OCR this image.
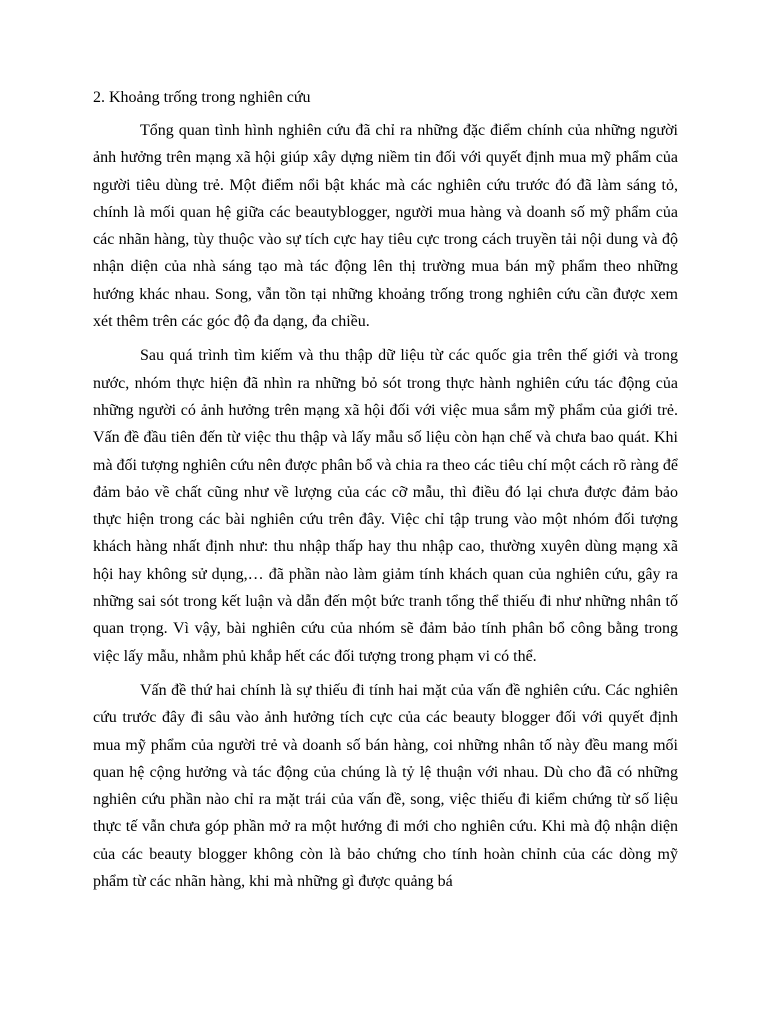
2. Khoảng trống trong nghiên cứu

Tổng quan tình hình nghiên cứu đã chỉ ra những đặc điểm chính của những người ảnh hưởng trên mạng xã hội giúp xây dựng niềm tin đối với quyết định mua mỹ phẩm của người tiêu dùng trẻ. Một điểm nổi bật khác mà các nghiên cứu trước đó đã làm sáng tỏ, chính là mối quan hệ giữa các beautyblogger, người mua hàng và doanh số mỹ phẩm của các nhãn hàng, tùy thuộc vào sự tích cực hay tiêu cực trong cách truyền tải nội dung và độ nhận diện của nhà sáng tạo mà tác động lên thị trường mua bán mỹ phẩm theo những hướng khác nhau. Song, vẫn tồn tại những khoảng trống trong nghiên cứu cần được xem xét thêm trên các góc độ đa dạng, đa chiều.

Sau quá trình tìm kiếm và thu thập dữ liệu từ các quốc gia trên thế giới và trong nước, nhóm thực hiện đã nhìn ra những bỏ sót trong thực hành nghiên cứu tác động của những người có ảnh hưởng trên mạng xã hội đối với việc mua sắm mỹ phẩm của giới trẻ. Vấn đề đầu tiên đến từ việc thu thập và lấy mẫu số liệu còn hạn chế và chưa bao quát. Khi mà đối tượng nghiên cứu nên được phân bổ và chia ra theo các tiêu chí một cách rõ ràng để đảm bảo về chất cũng như về lượng của các cỡ mẫu, thì điều đó lại chưa được đảm bảo thực hiện trong các bài nghiên cứu trên đây. Việc chỉ tập trung vào một nhóm đối tượng khách hàng nhất định như: thu nhập thấp hay thu nhập cao, thường xuyên dùng mạng xã hội hay không sử dụng,… đã phần nào làm giảm tính khách quan của nghiên cứu, gây ra những sai sót trong kết luận và dẫn đến một bức tranh tổng thể thiếu đi như những nhân tố quan trọng. Vì vậy, bài nghiên cứu của nhóm sẽ đảm bảo tính phân bổ công bằng trong việc lấy mẫu, nhằm phủ khắp hết các đối tượng trong phạm vi có thể.

Vấn đề thứ hai chính là sự thiếu đi tính hai mặt của vấn đề nghiên cứu. Các nghiên cứu trước đây đi sâu vào ảnh hưởng tích cực của các beauty blogger đối với quyết định mua mỹ phẩm của người trẻ và doanh số bán hàng, coi những nhân tố này đều mang mối quan hệ cộng hưởng và tác động của chúng là tỷ lệ thuận với nhau. Dù cho đã có những nghiên cứu phần nào chỉ ra mặt trái của vấn đề, song, việc thiếu đi kiểm chứng từ số liệu thực tế vẫn chưa góp phần mở ra một hướng đi mới cho nghiên cứu. Khi mà độ nhận diện của các beauty blogger không còn là bảo chứng cho tính hoàn chỉnh của các dòng mỹ phẩm từ các nhãn hàng, khi mà những gì được quảng bá
